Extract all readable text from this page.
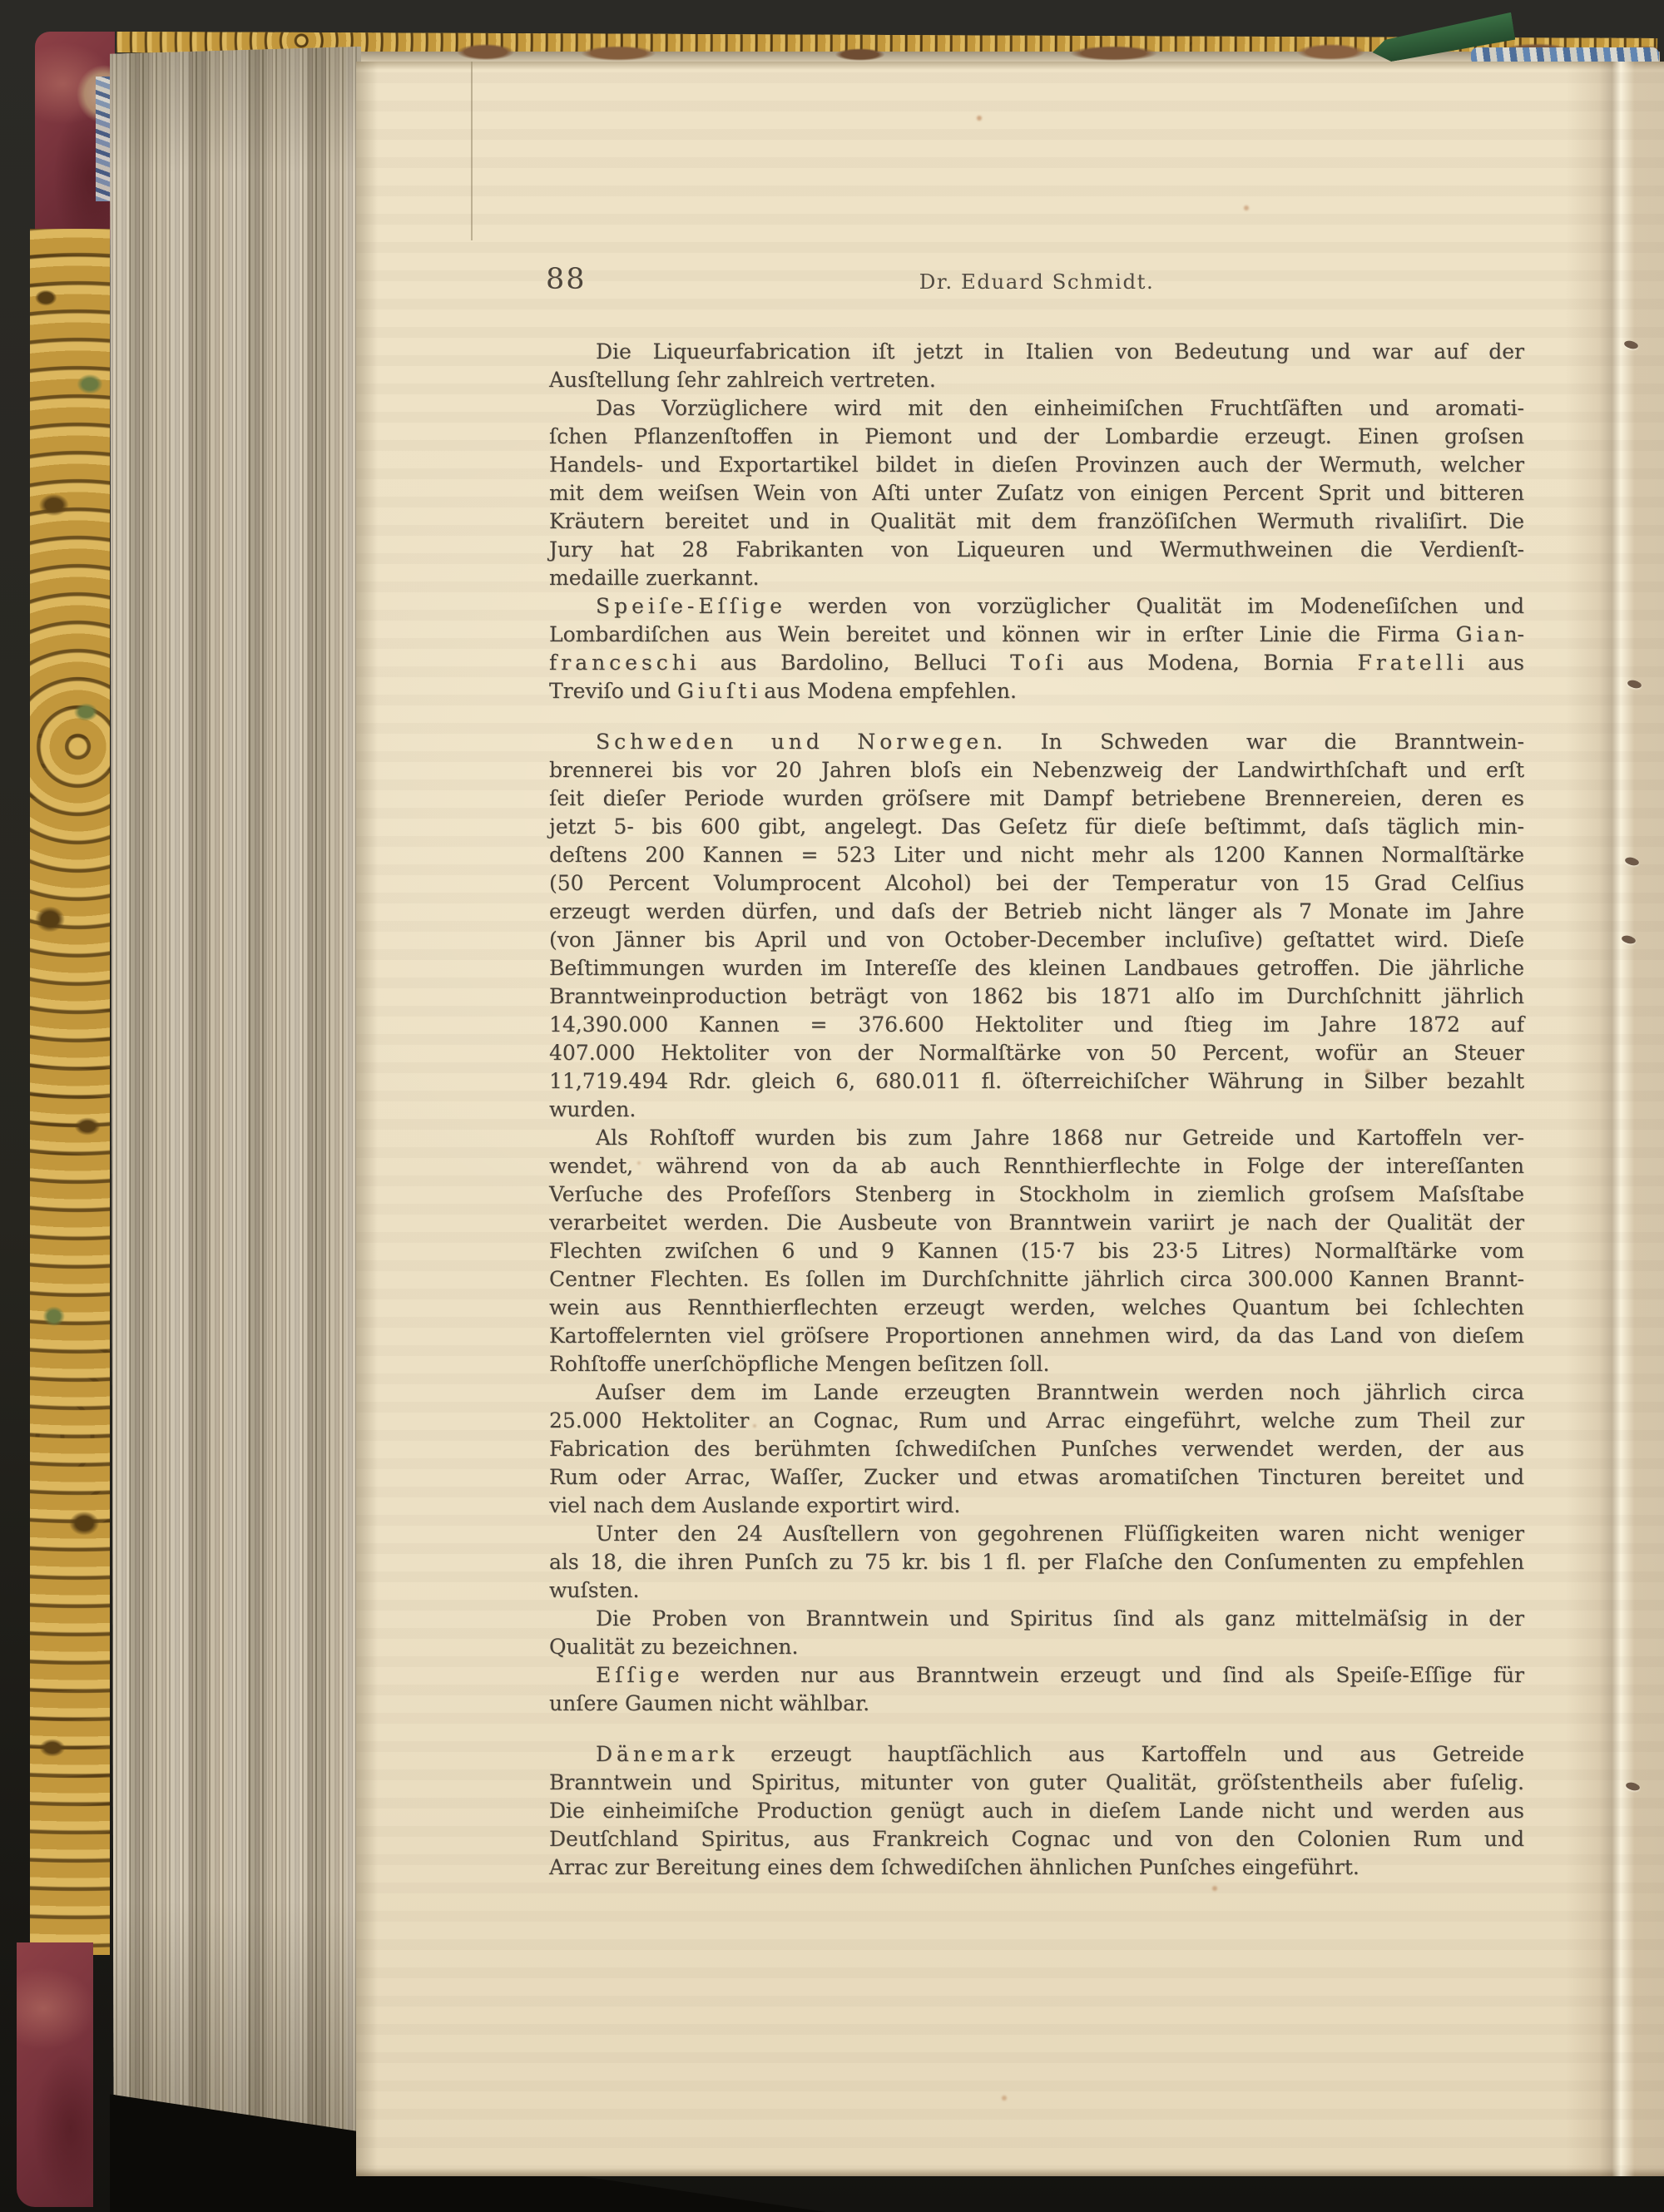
88	Dr. Eduard Schmidt.
Die Liqueurfabrication iſt jetzt in Italien von Bedeutung und war auf der
Ausſtellung ſehr zahlreich vertreten.
Das Vorzüglichere wird mit den einheimiſchen Fruchtſäften und aromati-
ſchen Pflanzenſtoffen in Piemont und der Lombardie erzeugt. Einen groſsen
Handels- und Exportartikel bildet in dieſen Provinzen auch der Wermuth, welcher
mit dem weiſsen Wein von Aſti unter Zuſatz von einigen Percent Sprit und bitteren
Kräutern bereitet und in Qualität mit dem franzöſiſchen Wermuth rivaliſirt. Die
Jury hat 28 Fabrikanten von Liqueuren und Wermuthweinen die Verdienſt-
medaille zuerkannt.
S p e i ſ e - E ſ ſ i g e werden von vorzüglicher Qualität im Modeneſiſchen und
Lombardiſchen aus Wein bereitet und können wir in erſter Linie die Firma G i a n-
f r a n c e s c h i aus Bardolino, Belluci T o ſ i aus Modena, Bornia F r a t e l l i aus
Treviſo und G i u ſ t i aus Modena empfehlen.
S c h w e d e n u n d N o r w e g e n. In Schweden war die Branntwein-
brennerei bis vor 20 Jahren bloſs ein Nebenzweig der Landwirthſchaft und erſt
ſeit dieſer Periode wurden gröſsere mit Dampf betriebene Brennereien, deren es
jetzt 5- bis 600 gibt, angelegt. Das Geſetz für dieſe beſtimmt, daſs täglich min-
deſtens 200 Kannen = 523 Liter und nicht mehr als 1200 Kannen Normalſtärke
(50 Percent Volumprocent Alcohol) bei der Temperatur von 15 Grad Celſius
erzeugt werden dürfen, und daſs der Betrieb nicht länger als 7 Monate im Jahre
(von Jänner bis April und von October-December incluſive) geſtattet wird. Dieſe
Beſtimmungen wurden im Intereſſe des kleinen Landbaues getroffen. Die jährliche
Branntweinproduction beträgt von 1862 bis 1871 alſo im Durchſchnitt jährlich
14,390.000 Kannen = 376.600 Hektoliter und ſtieg im Jahre 1872 auf
407.000 Hektoliter von der Normalſtärke von 50 Percent, wofür an Steuer
11,719.494 Rdr. gleich 6, 680.011 fl. öſterreichiſcher Währung in Silber bezahlt
wurden.
Als Rohſtoff wurden bis zum Jahre 1868 nur Getreide und Kartoffeln ver-
wendet, während von da ab auch Rennthierflechte in Folge der intereſſanten
Verſuche des Profeſſors Stenberg in Stockholm in ziemlich groſsem Maſsſtabe
verarbeitet werden. Die Ausbeute von Branntwein variirt je nach der Qualität der
Flechten zwiſchen 6 und 9 Kannen (15·7 bis 23·5 Litres) Normalſtärke vom
Centner Flechten. Es ſollen im Durchſchnitte jährlich circa 300.000 Kannen Brannt-
wein aus Rennthierflechten erzeugt werden, welches Quantum bei ſchlechten
Kartoffelernten viel gröſsere Proportionen annehmen wird, da das Land von dieſem
Rohſtoffe unerſchöpfliche Mengen beſitzen ſoll.
Auſser dem im Lande erzeugten Branntwein werden noch jährlich circa
25.000 Hektoliter an Cognac, Rum und Arrac eingeführt, welche zum Theil zur
Fabrication des berühmten ſchwediſchen Punſches verwendet werden, der aus
Rum oder Arrac, Waſſer, Zucker und etwas aromatiſchen Tincturen bereitet und
viel nach dem Auslande exportirt wird.
Unter den 24 Ausſtellern von gegohrenen Flüſſigkeiten waren nicht weniger
als 18, die ihren Punſch zu 75 kr. bis 1 fl. per Flaſche den Conſumenten zu empfehlen
wuſsten.
Die Proben von Branntwein und Spiritus ſind als ganz mittelmäſsig in der
Qualität zu bezeichnen.
E ſ ſ i g e werden nur aus Branntwein erzeugt und ſind als Speiſe-Eſſige für
unſere Gaumen nicht wählbar.
D ä n e m a r k erzeugt hauptſächlich aus Kartoffeln und aus Getreide
Branntwein und Spiritus, mitunter von guter Qualität, gröſstentheils aber fuſelig.
Die einheimiſche Production genügt auch in dieſem Lande nicht und werden aus
Deutſchland Spiritus, aus Frankreich Cognac und von den Colonien Rum und
Arrac zur Bereitung eines dem ſchwediſchen ähnlichen Punſches eingeführt.
